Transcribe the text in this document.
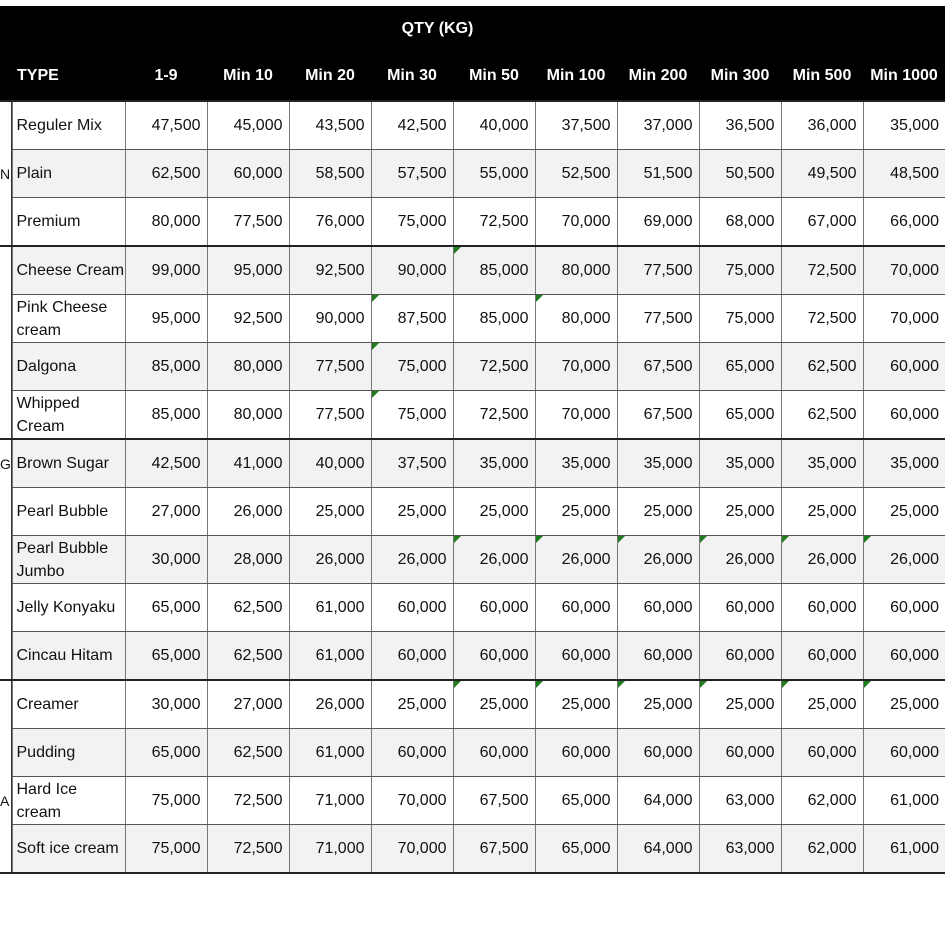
QTY (KG)
	TYPE	1-9	Min 10	Min 20	Min 30	Min 50	Min 100	Min 200	Min 300	Min 500	Min 1000

	Reguler Mix	47,500	45,000	43,500	42,500	40,000	37,500	37,000	36,500	36,000	35,000
N	Plain	62,500	60,000	58,500	57,500	55,000	52,500	51,500	50,500	49,500	48,500

	Premium	80,000	77,500	76,000	75,000	72,500	70,000	69,000	68,000	67,000	66,000

	Cheese Cream	99,000	95,000	92,500	90,000	85,000	80,000	77,500	75,000	72,500	70,000

	Pink Cheese cream	95,000	92,500	90,000	87,500	85,000	80,000	77,500	75,000	72,500	70,000

	Dalgona	85,000	80,000	77,500	75,000	72,500	70,000	67,500	65,000	62,500	60,000

	Whipped Cream	85,000	80,000	77,500	75,000	72,500	70,000	67,500	65,000	62,500	60,000
G	Brown Sugar	42,500	41,000	40,000	37,500	35,000	35,000	35,000	35,000	35,000	35,000

	Pearl Bubble	27,000	26,000	25,000	25,000	25,000	25,000	25,000	25,000	25,000	25,000

	Pearl Bubble Jumbo	30,000	28,000	26,000	26,000	26,000	26,000	26,000	26,000	26,000	26,000

	Jelly Konyaku	65,000	62,500	61,000	60,000	60,000	60,000	60,000	60,000	60,000	60,000

	Cincau Hitam	65,000	62,500	61,000	60,000	60,000	60,000	60,000	60,000	60,000	60,000

	Creamer	30,000	27,000	26,000	25,000	25,000	25,000	25,000	25,000	25,000	25,000

	Pudding	65,000	62,500	61,000	60,000	60,000	60,000	60,000	60,000	60,000	60,000
A	Hard Ice cream	75,000	72,500	71,000	70,000	67,500	65,000	64,000	63,000	62,000	61,000

	Soft ice cream	75,000	72,500	71,000	70,000	67,500	65,000	64,000	63,000	62,000	61,000
